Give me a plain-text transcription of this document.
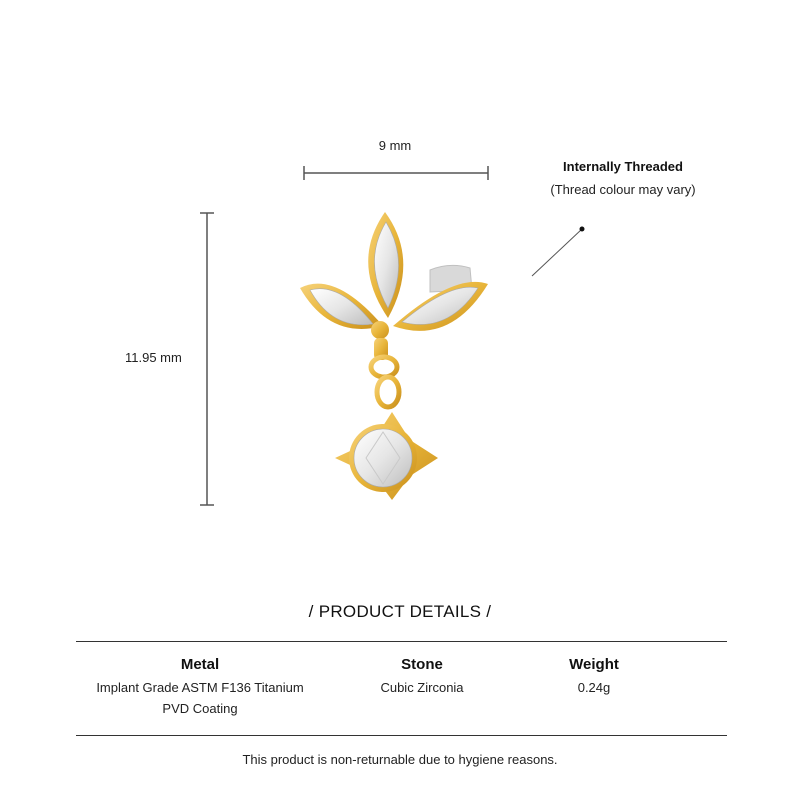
9 mm
11.95 mm
Internally Threaded
(Thread colour may vary)
/ PRODUCT DETAILS /
Metal
Implant Grade ASTM F136 Titanium
PVD Coating
Stone
Cubic Zirconia
Weight
0.24g
This product is non-returnable due to hygiene reasons.
